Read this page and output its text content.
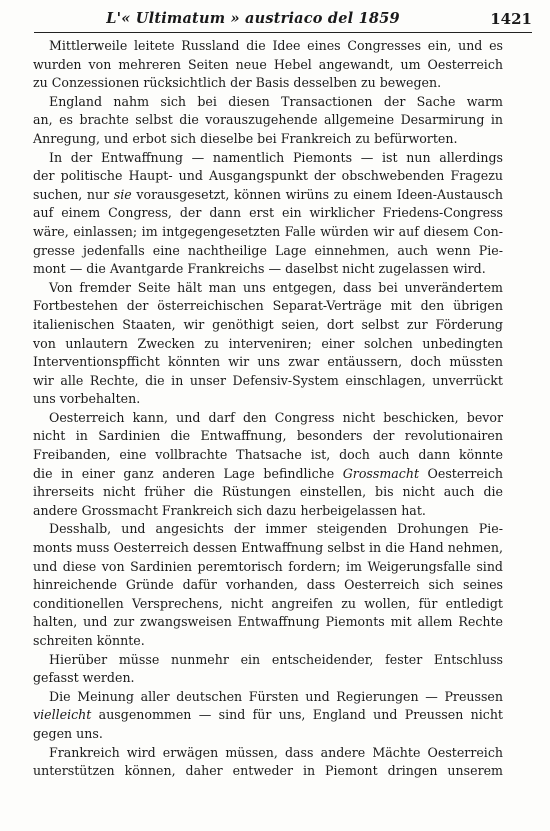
L'« Ultimatum » austriaco del 1859	1421
Mittlerweile leitete Russland die Idee eines Congresses ein, und es
wurden von mehreren Seiten neue Hebel angewandt, um Oesterreich
zu Conzessionen rücksichtlich der Basis desselben zu bewegen.
England nahm sich bei diesen Transactionen der Sache warm
an, es brachte selbst die vorauszugehende allgemeine Desarmirung in
Anregung, und erbot sich dieselbe bei Frankreich zu befürworten.
In der Entwaffnung — namentlich Piemonts — ist nun allerdings
der politische Haupt- und Ausgangspunkt der obschwebenden Fragezu
suchen, nur sie vorausgesetzt, können wirüns zu einem Ideen-Austausch
auf einem Congress, der dann erst ein wirklicher Friedens-Congress
wäre, einlassen; im intgegengesetzten Falle würden wir auf diesem Con-
gresse jedenfalls eine nachtheilige Lage einnehmen, auch wenn Pie-
mont — die Avantgarde Frankreichs — daselbst nicht zugelassen wird.
Von fremder Seite hält man uns entgegen, dass bei unverändertem
Fortbestehen der österreichischen Separat-Verträge mit den übrigen
italienischen Staaten, wir genöthigt seien, dort selbst zur Förderung
von unlautern Zwecken zu interveniren; einer solchen unbedingten
Interventionspfficht könnten wir uns zwar entäussern, doch müssten
wir alle Rechte, die in unser Defensiv-System einschlagen, unverrückt
uns vorbehalten.
Oesterreich kann, und darf den Congress nicht beschicken, bevor
nicht in Sardinien die Entwaffnung, besonders der revolutionairen
Freibanden, eine vollbrachte Thatsache ist, doch auch dann könnte
die in einer ganz anderen Lage befindliche Grossmacht Oesterreich
ihrerseits nicht früher die Rüstungen einstellen, bis nicht auch die
andere Grossmacht Frankreich sich dazu herbeigelassen hat.
Desshalb, und angesichts der immer steigenden Drohungen Pie-
monts muss Oesterreich dessen Entwaffnung selbst in die Hand nehmen,
und diese von Sardinien peremtorisch fordern; im Weigerungsfalle sind
hinreichende Gründe dafür vorhanden, dass Oesterreich sich seines
conditionellen Versprechens, nicht angreifen zu wollen, für entledigt
halten, und zur zwangsweisen Entwaffnung Piemonts mit allem Rechte
schreiten könnte.
Hierüber müsse nunmehr ein entscheidender, fester Entschluss
gefasst werden.
Die Meinung aller deutschen Fürsten und Regierungen — Preussen
vielleicht ausgenommen — sind für uns, England und Preussen nicht
gegen uns.
Frankreich wird erwägen müssen, dass andere Mächte Oesterreich
unterstützen können, daher entweder in Piemont dringen unserem
